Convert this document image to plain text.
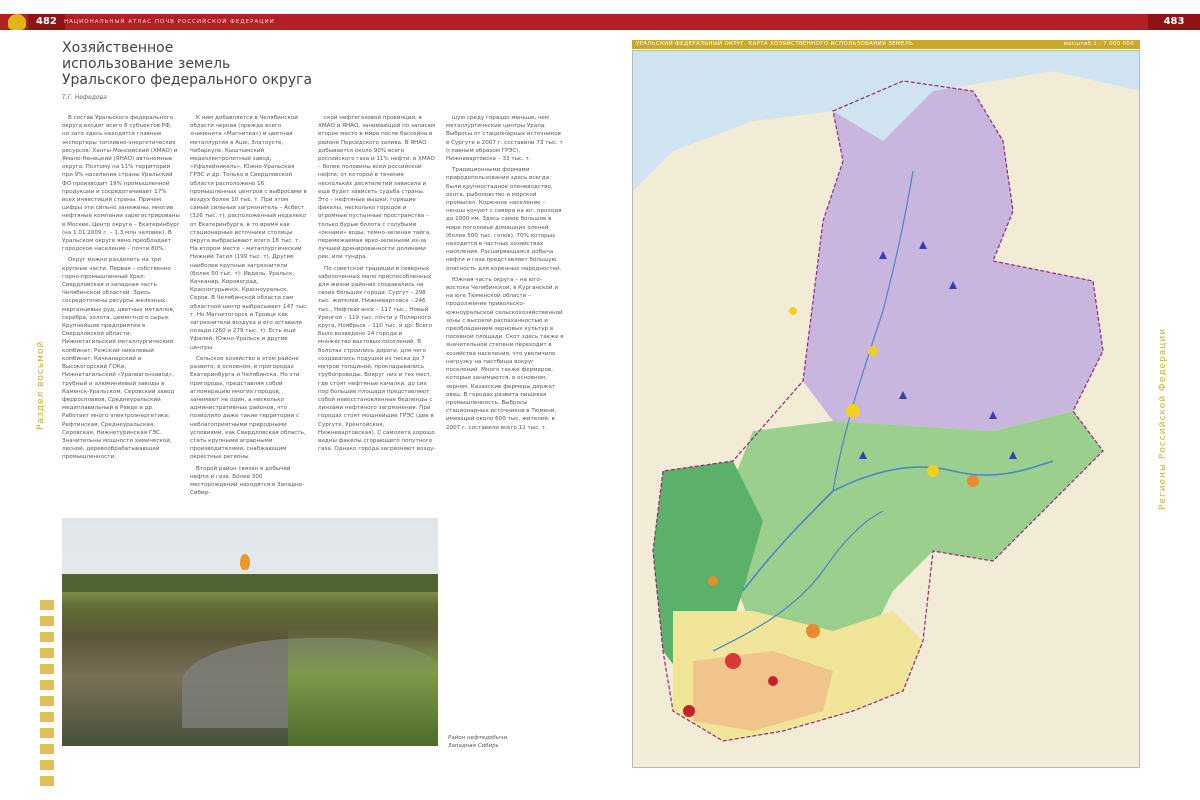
482	НАЦИОНАЛЬНЫЙ АТЛАС ПОЧВ РОССИЙСКОЙ ФЕДЕРАЦИИ	483
Хозяйственное
использование земель
Уральского федерального округа
Т.Г. Нефедова

В состав Уральского федерального округа входят всего 6 субъектов РФ, но зато здесь находятся главные экспортеры топливно-энергетических ресурсов: Ханты-Мансийский (ХМАО) и Ямало-Ненецкий (ЯНАО) автономные округа. Позтому на 11% территории при 9% населения страны Уральский ФО производит 19% промышленной продукции и сосредотачивает 17% всех инвестиций страны. Причем цифры эти сильно занижены, многие нефтяные компании зарегистрированы в Москве. Центр округа – Екатеринбург (на 1.01.2009 г. – 1,3 млн человек). В Уральском округе явно преобладает городское население – почти 80%.

Округ можно разделить на три крупные части. Первая – собственно горно-промышленный Урал: Свердловская и западная часть Челябинской областей. Здесь сосредоточены ресурсы железных, марганцевых руд, цветных металлов, серебра, золота, цементного сырья. Крупнейшие предприятия в Свердловской области: Нижнетагильский металлургический комбинат, Режский никелевый комбинат, Качканарский и Высокогорский ГОКи, Нижнетагильский «Уралвагонзавод», трубный и алюминиевый заводы в Каменск-Уральском, Серовский завод ферросплавов, Среднеуральский медеплавильный в Ревде и др. Работает много электроэнергетика: Рефтинская, Среднеуральская, Серовская, Нижнетуринская ГЭС. Значительны мощности химической, лесной, деревообрабатывающей промышленности.

К ним добавляется в Челябинской области черная (прежде всего знаменита «Магнитка») и цветная металлургия в Аше, Златоусте, Чебаркуле, Кыштымский медеэлектролитный завод, «Уфалейникель», Южно-Уральская ГРЭС и др. Только в Свердловской области расположено 16 промышленных центров с выбросами в воздух более 10 тыс. т. При этом самый сильный загрязнитель – Асбест (326 тыс. т), расположенный недалеко от Екатеринбурга, в то время как стационарные источники столицы округа выбрасывают всего 18 тыс. т. На втором месте – металлургический Нижний Тагил (199 тыс. т). Другие наиболее крупные загрязнители (более 50 тыс. т): Ивдель, Уральск, Качканар, Кировоград, Краснотурьинск, Красноуральск, Серов. В Челябинской области сам областной центр выбрасывает 147 тыс. т. Но Магнитогорск и Троицк как загрязнители воздуха и его оставили позади (260 и 279 тыс. т). Есть еще Уфалей, Южно-Уральск и другие центры.

Сельское хозяйство в этом районе развито, в основном, в пригородах Екатеринбурга и Челябинска. Но эти пригороды, представляя собой агломерацию многих городов, занимают не один, а несколько административных районов, что позволило даже такие территории с неблагоприятными природными условиями, как Свердловская область, стать крупными аграрными производителями, снабжающим окрестные регионы.

Второй район связан в добычей нефти и газа. Более 300 месторождений находятся в Западно-Сибир-

ской нефтегазовой провинции, в ХМАО и ЯНАО, занимающей по запасам второе место в мире после бассейна в районе Персидского залива. В ЯНАО добывается около 90% всего российского газа и 11% нефти, в ХМАО – более половины всей российской нефти, от которой в течение нескольких десятилетий зависела и еще будет зависеть судьба страны. Это – нефтяные вышки, горящие факелы, несколько городов и огромные пустынные пространства – только бурые болота с голубыми «окнами» воды, темно-зеленая тайга, перемежаемая ярко-зелеными из-за лучшей дренированности долинами рек, или тундра.

По советской традиции в северных заболоченных мало приспособленных для жизни районах создавались на своих больших города: Сургут – 298 тыс. жителей, Нижневартовск – 246 тыс., Нефтеюганск – 117 тыс., Новый Уренгой – 119 тыс. почти у Полярного круга, Ноябрьск – 110 тыс. и др. Всего было возведено 24 города и множество вахтовых поселений. В болотах строились дороги, для чего создавались подушки из песка до 7 метров толщиной, прокладывались трубопроводы. Вокруг них и тех мест, где стоят нефтяные качалки, до сих пор большие площади представляют собой невосстановленные бедленды с линзами нефтяного загрязнения. При городах стоят мощнейшие ГРЭС (две в Сургуте, Уренгойская, Нижневартовская). С самолета хорошо видны факелы сгорающего попутного газа. Однако города загрязняют возду-

шую среду гораздо меньше, чем металлургические центры Урала. Выбросы от стационарных источников в Сургуте в 2007 г. составили 73 тыс. т (главным образом ГРЭС), Нижневартовске – 33 тыс. т.

Традиционными формами природопользования здесь всегда были крупностадное оленеводство, охота, рыболовство и морской промысел. Коренное население – ненцы кочуют с севера на юг, проходя до 1000 км. Здесь самое большое в мире поголовье домашних оленей (более 500 тыс. голов), 70% которых находится в частных хозяйствах населения. Расширяющаяся добыча нефти и газа представляет большую опасность для коренных народностей.

Южная часть округа – на юго-востоке Челябинской, в Курганской и на юге Тюменской области – продолжение привольско-южноуральской сельскохозяйственной зоны с высокой распаханностью и преобладанием зерновых культур в посевной площади. Скот здесь также в значительной степени переходит в хозяйства населения, что увеличило нагрузку на пастбища вокруг поселений. Много также фермеров, которые занимаются, в основном, зерном. Казахские фермеры держат овец. В городах развита пищевая промышленность. Выбросы стационарных источников в Тюмени, имеющей около 600 тыс. жителей, в 2007 г. составили всего 12 тыс. т.

Раздел восьмой	Регионы Российской Федерации
Район нефтедобычи.
Западная Сибирь
УРАЛЬСКИЙ ФЕДЕРАЛЬНЫЙ ОКРУГ. КАРТА ХОЗЯЙСТВЕННОГО ИСПОЛЬЗОВАНИЯ ЗЕМЕЛЬ	масштаб 1 : 7 000 000
